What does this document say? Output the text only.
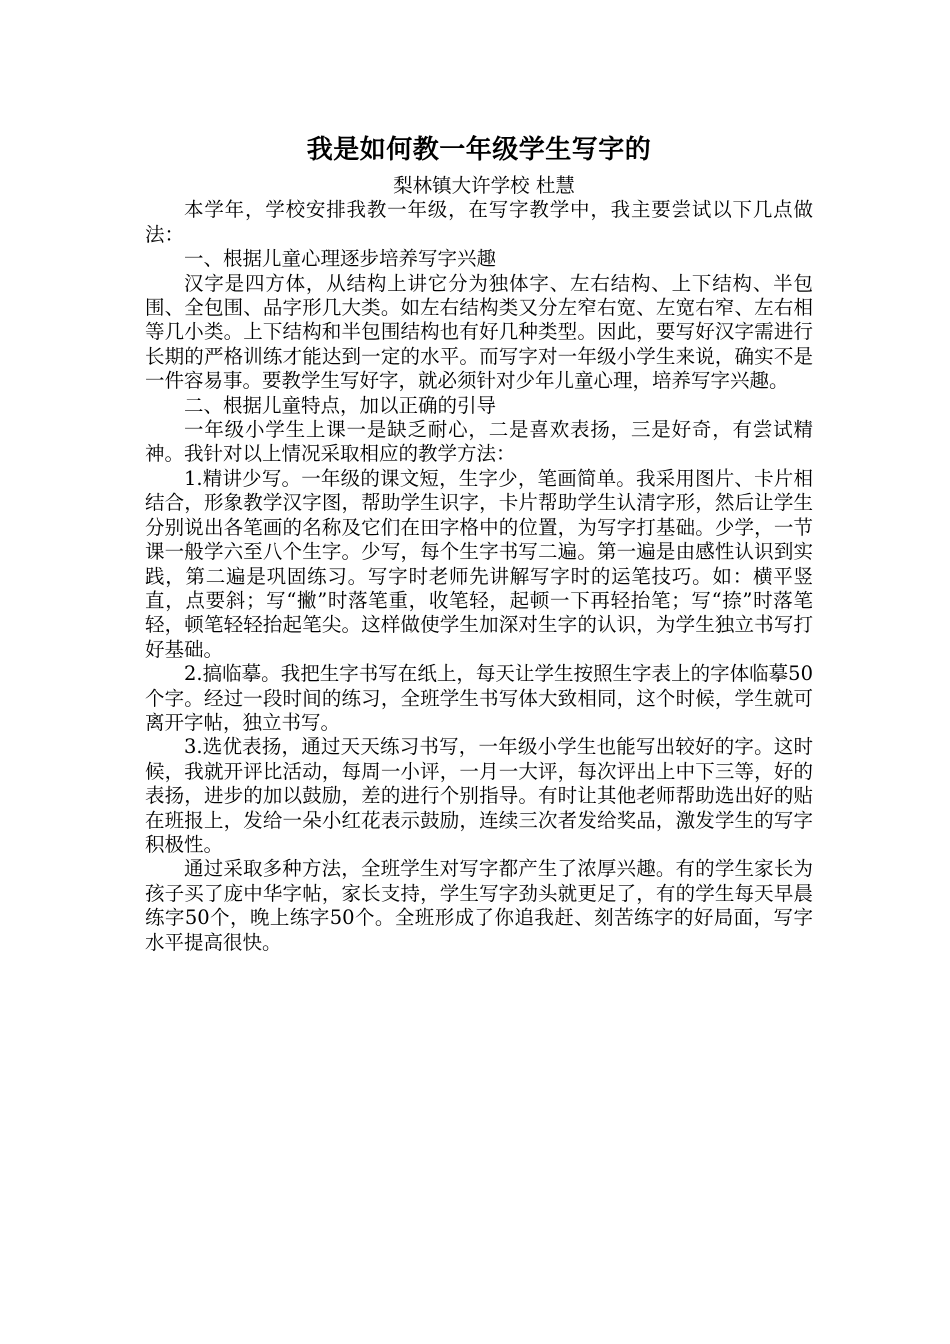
我是如何教一年级学生写字的

梨林镇大许学校 杜慧

本学年，学校安排我教一年级，在写字教学中，我主要尝试以下几点做法：

一、根据儿童心理逐步培养写字兴趣

汉字是四方体，从结构上讲它分为独体字、左右结构、上下结构、半包围、全包围、品字形几大类。如左右结构类又分左窄右宽、左宽右窄、左右相等几小类。上下结构和半包围结构也有好几种类型。因此，要写好汉字需进行长期的严格训练才能达到一定的水平。而写字对一年级小学生来说，确实不是一件容易事。要教学生写好字，就必须针对少年儿童心理，培养写字兴趣。

二、根据儿童特点，加以正确的引导

一年级小学生上课一是缺乏耐心，二是喜欢表扬，三是好奇，有尝试精神。我针对以上情况采取相应的教学方法：

1.精讲少写。一年级的课文短，生字少，笔画简单。我采用图片、卡片相结合，形象教学汉字图，帮助学生识字，卡片帮助学生认清字形，然后让学生分别说出各笔画的名称及它们在田字格中的位置，为写字打基础。少学，一节课一般学六至八个生字。少写，每个生字书写二遍。第一遍是由感性认识到实践，第二遍是巩固练习。写字时老师先讲解写字时的运笔技巧。如：横平竖直，点要斜；写“撇”时落笔重，收笔轻，起顿一下再轻抬笔；写“捺”时落笔轻，顿笔轻轻抬起笔尖。这样做使学生加深对生字的认识，为学生独立书写打好基础。

2.搞临摹。我把生字书写在纸上，每天让学生按照生字表上的字体临摹50个字。经过一段时间的练习，全班学生书写体大致相同，这个时候，学生就可离开字帖，独立书写。

3.选优表扬，通过天天练习书写，一年级小学生也能写出较好的字。这时候，我就开评比活动，每周一小评，一月一大评，每次评出上中下三等，好的表扬，进步的加以鼓励，差的进行个别指导。有时让其他老师帮助选出好的贴在班报上，发给一朵小红花表示鼓励，连续三次者发给奖品，激发学生的写字积极性。

通过采取多种方法，全班学生对写字都产生了浓厚兴趣。有的学生家长为孩子买了庞中华字帖，家长支持，学生写字劲头就更足了，有的学生每天早晨练字50个，晚上练字50个。全班形成了你追我赶、刻苦练字的好局面，写字水平提高很快。
